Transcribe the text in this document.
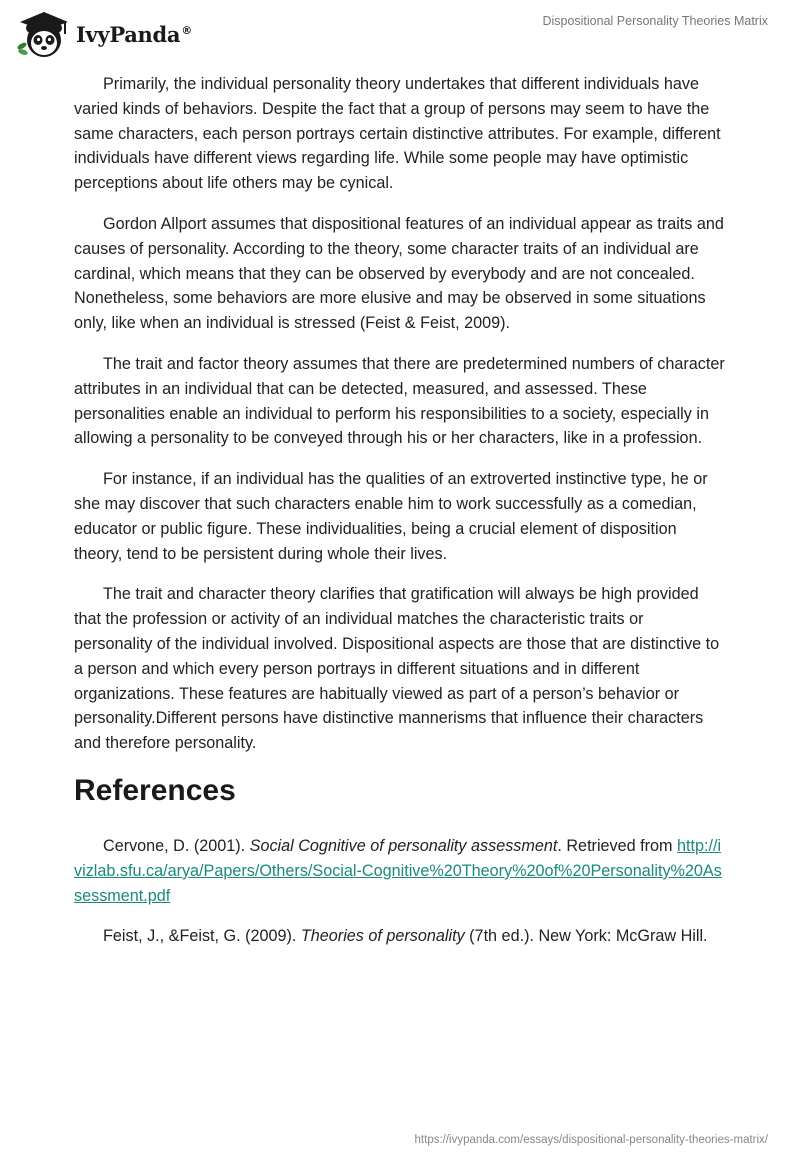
IvyPanda®
Dispositional Personality Theories Matrix

Primarily, the individual personality theory undertakes that different individuals have varied kinds of behaviors. Despite the fact that a group of persons may seem to have the same characters, each person portrays certain distinctive attributes. For example, different individuals have different views regarding life. While some people may have optimistic perceptions about life others may be cynical.

Gordon Allport assumes that dispositional features of an individual appear as traits and causes of personality. According to the theory, some character traits of an individual are cardinal, which means that they can be observed by everybody and are not concealed. Nonetheless, some behaviors are more elusive and may be observed in some situations only, like when an individual is stressed (Feist & Feist, 2009).

The trait and factor theory assumes that there are predetermined numbers of character attributes in an individual that can be detected, measured, and assessed. These personalities enable an individual to perform his responsibilities to a society, especially in allowing a personality to be conveyed through his or her characters, like in a profession.

For instance, if an individual has the qualities of an extroverted instinctive type, he or she may discover that such characters enable him to work successfully as a comedian, educator or public figure. These individualities, being a crucial element of disposition theory, tend to be persistent during whole their lives.

The trait and character theory clarifies that gratification will always be high provided that the profession or activity of an individual matches the characteristic traits or personality of the individual involved. Dispositional aspects are those that are distinctive to a person and which every person portrays in different situations and in different organizations. These features are habitually viewed as part of a person’s behavior or personality.Different persons have distinctive mannerisms that influence their characters and therefore personality.

References

Cervone, D. (2001). Social Cognitive of personality assessment. Retrieved from http://ivizlab.sfu.ca/arya/Papers/Others/Social-Cognitive%20Theory%20of%20Personality%20Assessment.pdf

Feist, J., &Feist, G. (2009). Theories of personality (7th ed.). New York: McGraw Hill.

https://ivypanda.com/essays/dispositional-personality-theories-matrix/
